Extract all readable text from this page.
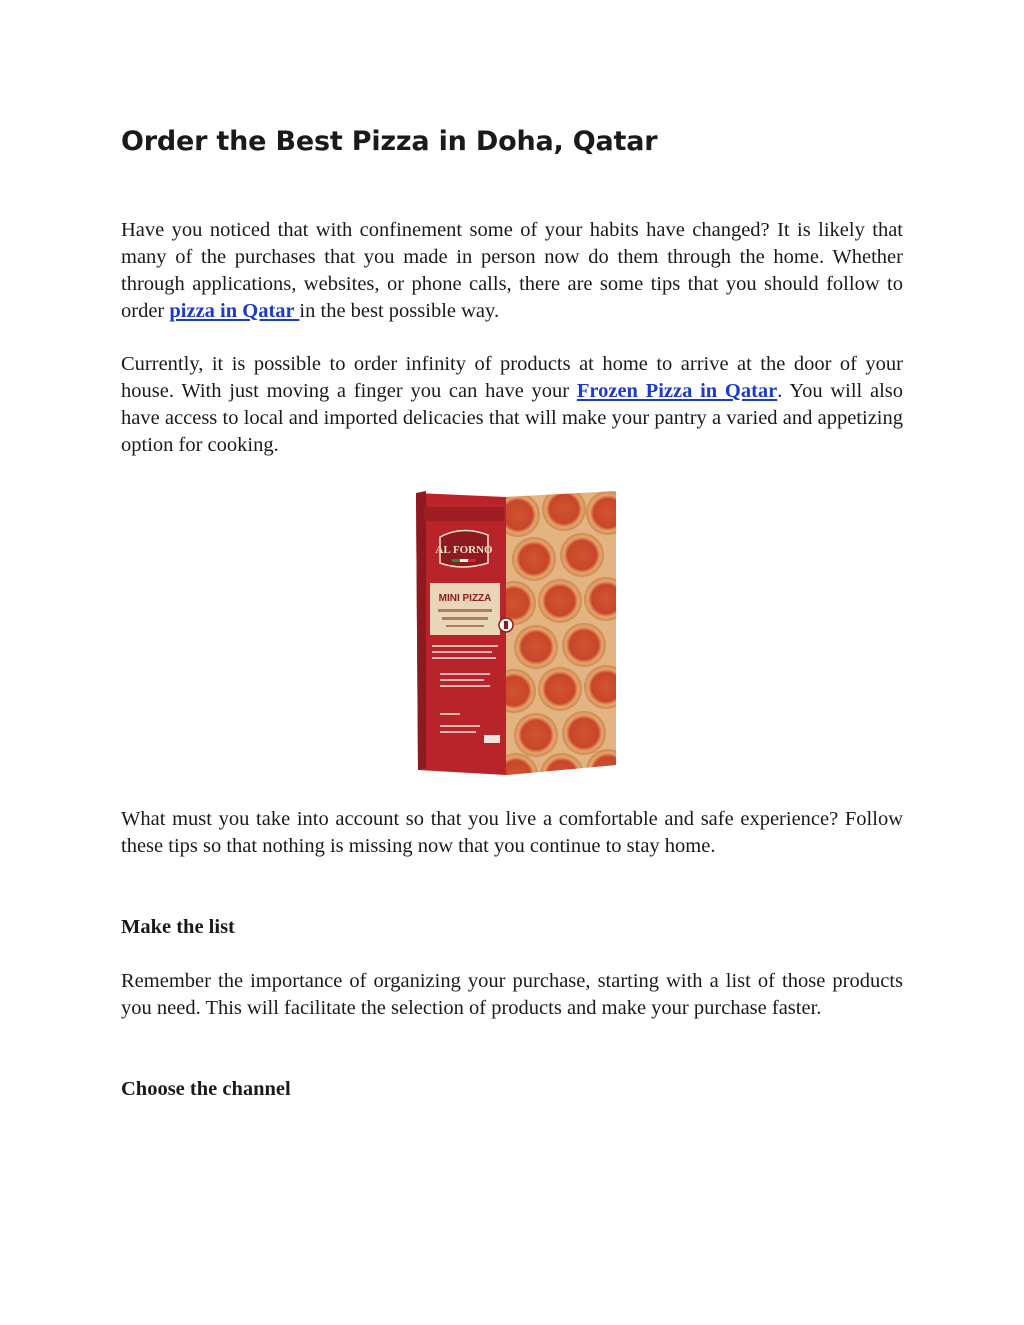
Order the Best Pizza in Doha, Qatar

Have you noticed that with confinement some of your habits have changed? It is likely that many of the purchases that you made in person now do them through the home. Whether through applications, websites, or phone calls, there are some tips that you should follow to order pizza in Qatar in the best possible way.

Currently, it is possible to order infinity of products at home to arrive at the door of your house. With just moving a finger you can have your Frozen Pizza in Qatar. You will also have access to local and imported delicacies that will make your pantry a varied and appetizing option for cooking.

AL FORNO
MINI PIZZA

What must you take into account so that you live a comfortable and safe experience? Follow these tips so that nothing is missing now that you continue to stay home.

Make the list

Remember the importance of organizing your purchase, starting with a list of those products you need. This will facilitate the selection of products and make your purchase faster.

Choose the channel
